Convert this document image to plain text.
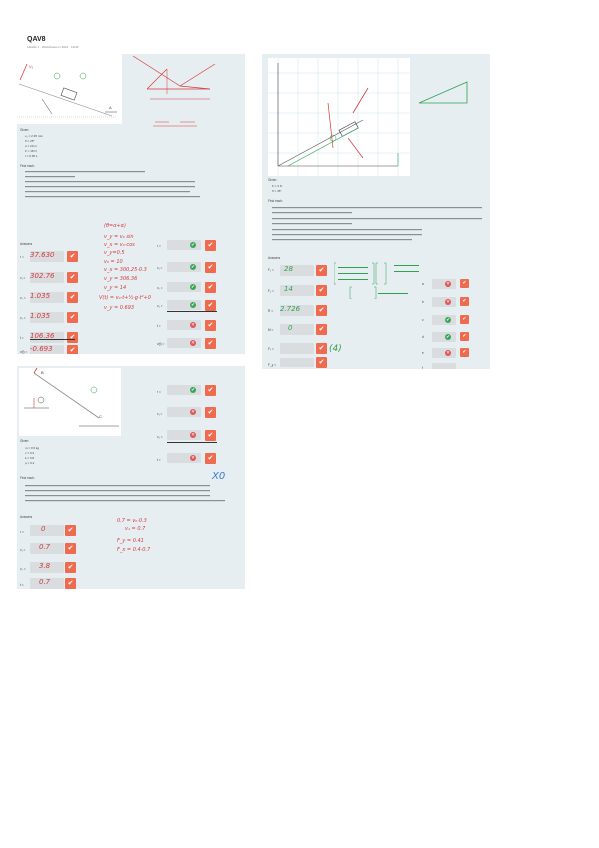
QAV8
Labelle 1 · Worksheets in 2016 · 12/33
V₀
A
Given:
v₀ = 2.35 m/s
θ = 25°
α = 20 m
F = 18 N
t = 0.35 s
Find each:
Answers
(θ=α+α)
v_y = v₀ sin
v_x = v₀·cos
v_y=0.5
v₀ = 10
v_x = 300,25·0.3
v_y = 306.36
v_y = 14
V(t) = v₀·t+½·g·t²+0
v_y = 0.693
r = 37.630	✔
v₁ = 302.76	✔
v₀ = 1.035	✔
v₂ = 1.035	✔
t = 106.36	✔
v(t) = -0.693	✔
r =	✔	✔
v₁ =	✔	✔
v₀ =	✔	✔
v₂ =	✔	✔
t =	✕	✔
v(t) =	✕	✔
Given:
F = 4 N
θ = 45°
Find each:
Answers
F₁ = 28	✔
F₂ = 14	✔
R = 2.726	✔
M = 0	✔
Fₓ =	✔
F_y =	✔
(4)
a	✕	✔
b	✕	✔
c	✔	✔
d	✔	✔
e	✕	✔
f
B
C
Given:
m = 0.5 kg
v = 0.3
k = 0.8
μ = 0.2
Find each:
Answers
r = 0	✔
v₁ = 0.7	✔
v₂ = 3.8	✔
t = 0.7	✔
0.7 = v₀·0.3
v₁ = 0.7
F_y = 0.41
F_x = 0.4·0.7
r =	✔	✔
v₁ =	✕	✔
v₂ =	✕	✔
t =	✕	✔
X0
